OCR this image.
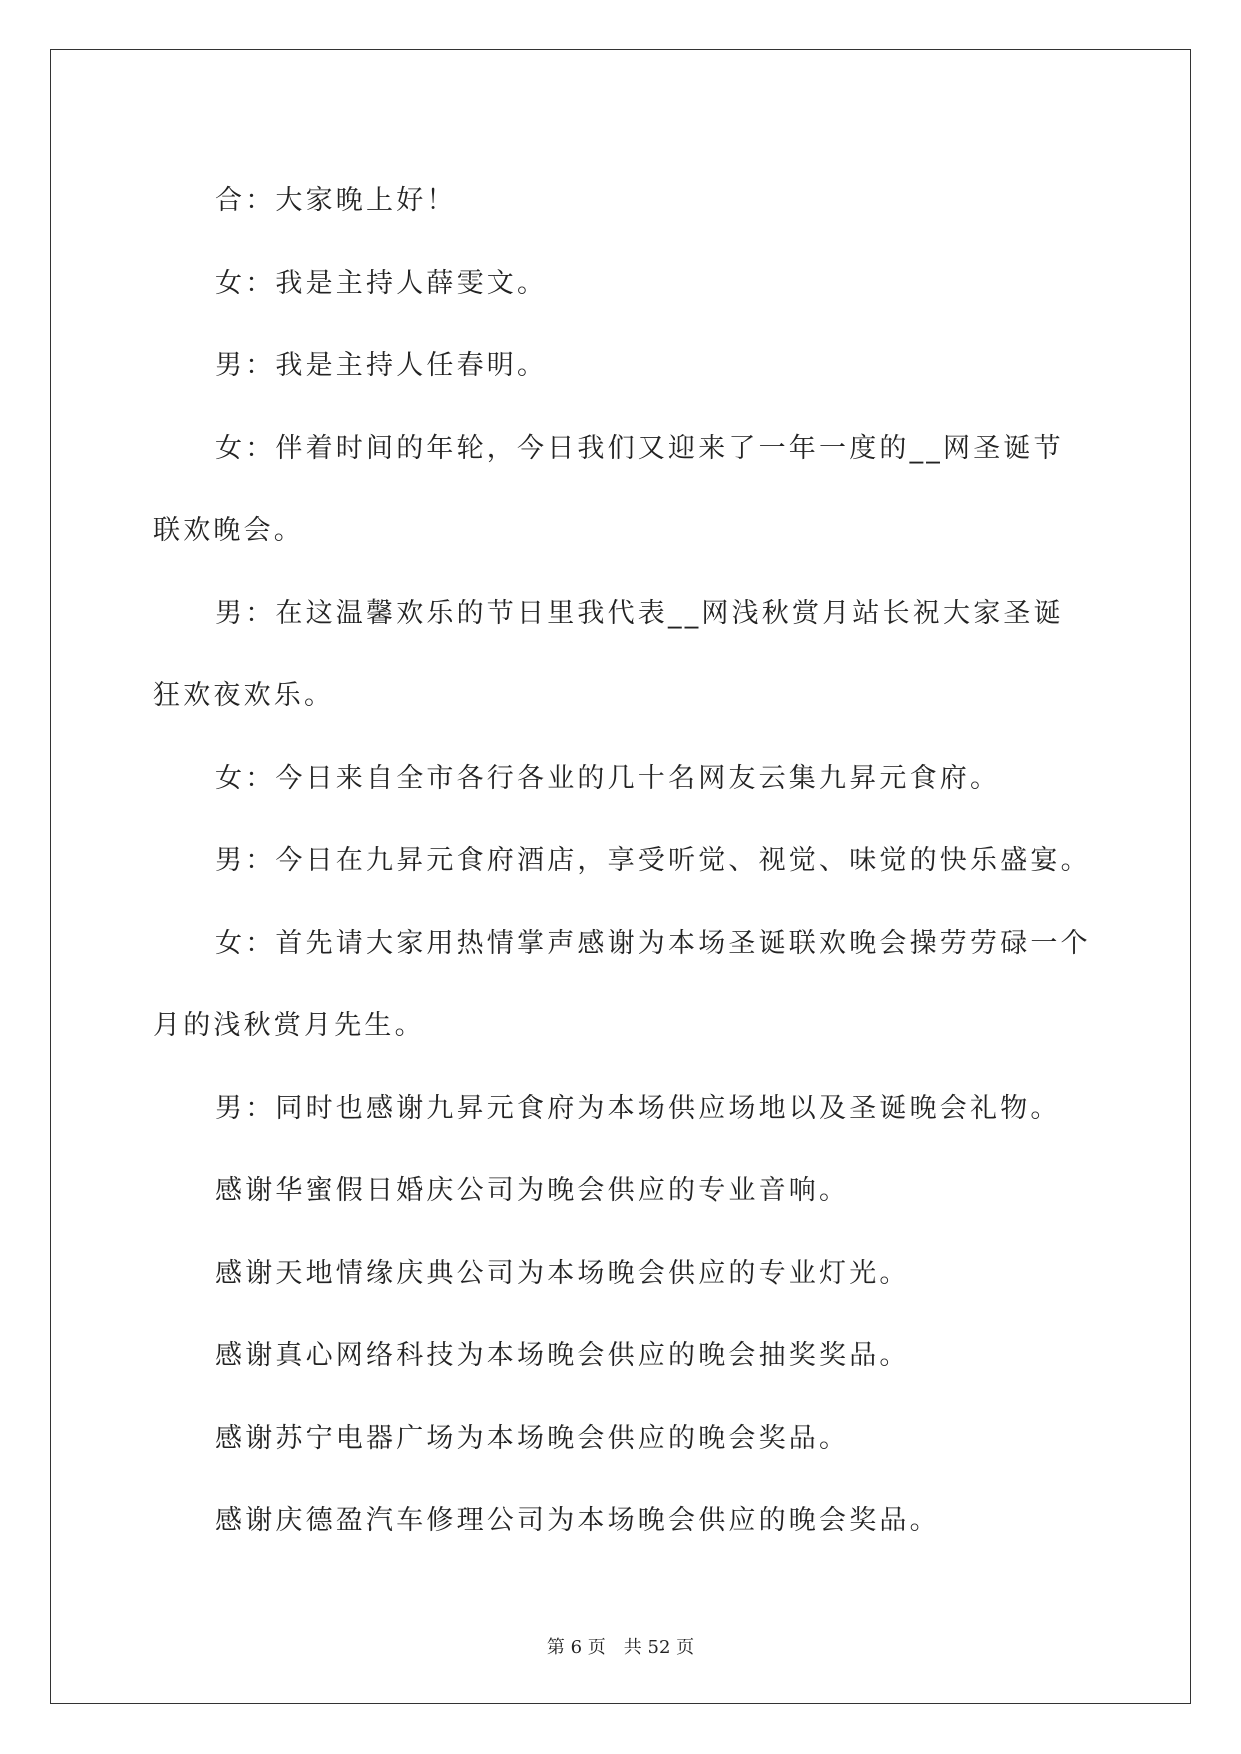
合：大家晚上好！

女：我是主持人薛雯文。

男：我是主持人任春明。

女：伴着时间的年轮，今日我们又迎来了一年一度的__网圣诞节联欢晚会。

男：在这温馨欢乐的节日里我代表__网浅秋赏月站长祝大家圣诞狂欢夜欢乐。

女：今日来自全市各行各业的几十名网友云集九昇元食府。

男：今日在九昇元食府酒店，享受听觉、视觉、味觉的快乐盛宴。

女：首先请大家用热情掌声感谢为本场圣诞联欢晚会操劳劳碌一个月的浅秋赏月先生。

男：同时也感谢九昇元食府为本场供应场地以及圣诞晚会礼物。

感谢华蜜假日婚庆公司为晚会供应的专业音响。

感谢天地情缘庆典公司为本场晚会供应的专业灯光。

感谢真心网络科技为本场晚会供应的晚会抽奖奖品。

感谢苏宁电器广场为本场晚会供应的晚会奖品。

感谢庆德盈汽车修理公司为本场晚会供应的晚会奖品。

第 6 页 共 52 页
